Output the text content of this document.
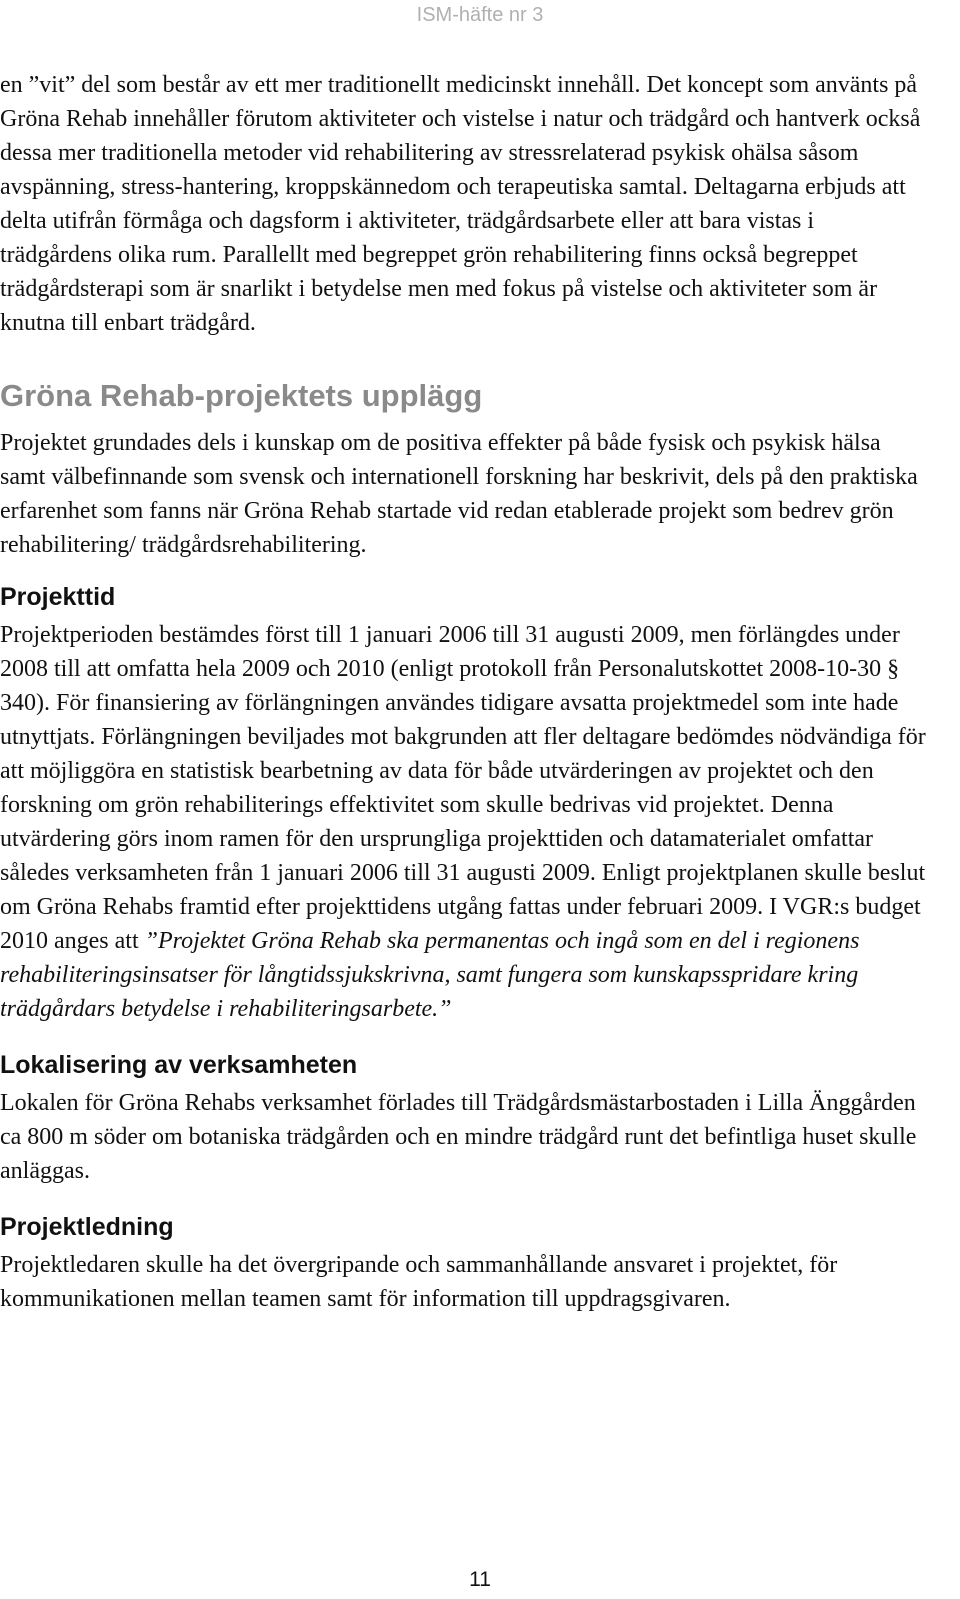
ISM-häfte nr 3

en ”vit” del som består av ett mer traditionellt medicinskt innehåll. Det koncept som använts på Gröna Rehab innehåller förutom aktiviteter och vistelse i natur och trädgård och hantverk också dessa mer traditionella metoder vid rehabilitering av stressrelaterad psykisk ohälsa såsom avspänning, stress-hantering, kroppskännedom och terapeutiska samtal. Deltagarna erbjuds att delta utifrån förmåga och dagsform i aktiviteter, trädgårdsarbete eller att bara vistas i trädgårdens olika rum. Parallellt med begreppet grön rehabilitering finns också begreppet trädgårdsterapi som är snarlikt i betydelse men med fokus på vistelse och aktiviteter som är knutna till enbart trädgård.

Gröna Rehab-projektets upplägg

Projektet grundades dels i kunskap om de positiva effekter på både fysisk och psykisk hälsa samt välbefinnande som svensk och internationell forskning har beskrivit, dels på den praktiska erfarenhet som fanns när Gröna Rehab startade vid redan etablerade projekt som bedrev grön rehabilitering/ trädgårdsrehabilitering.

Projekttid

Projektperioden bestämdes först till 1 januari 2006 till 31 augusti 2009, men förlängdes under 2008 till att omfatta hela 2009 och 2010 (enligt protokoll från Personalutskottet 2008-10-30 § 340). För finansiering av förlängningen användes tidigare avsatta projektmedel som inte hade utnyttjats. Förlängningen beviljades mot bakgrunden att fler deltagare bedömdes nödvändiga för att möjliggöra en statistisk bearbetning av data för både utvärderingen av projektet och den forskning om grön rehabiliterings effektivitet som skulle bedrivas vid projektet. Denna utvärdering görs inom ramen för den ursprungliga projekttiden och datamaterialet omfattar således verksamheten från 1 januari 2006 till 31 augusti 2009. Enligt projektplanen skulle beslut om Gröna Rehabs framtid efter projekttidens utgång fattas under februari 2009. I VGR:s budget 2010 anges att ”Projektet Gröna Rehab ska permanentas och ingå som en del i regionens rehabiliteringsinsatser för långtidssjukskrivna, samt fungera som kunskapsspridare kring trädgårdars betydelse i rehabiliteringsarbete.”

Lokalisering av verksamheten

Lokalen för Gröna Rehabs verksamhet förlades till Trädgårdsmästarbostaden i Lilla Änggården ca 800 m söder om botaniska trädgården och en mindre trädgård runt det befintliga huset skulle anläggas.

Projektledning

Projektledaren skulle ha det övergripande och sammanhållande ansvaret i projektet, för kommunikationen mellan teamen samt för information till uppdragsgivaren.

11
